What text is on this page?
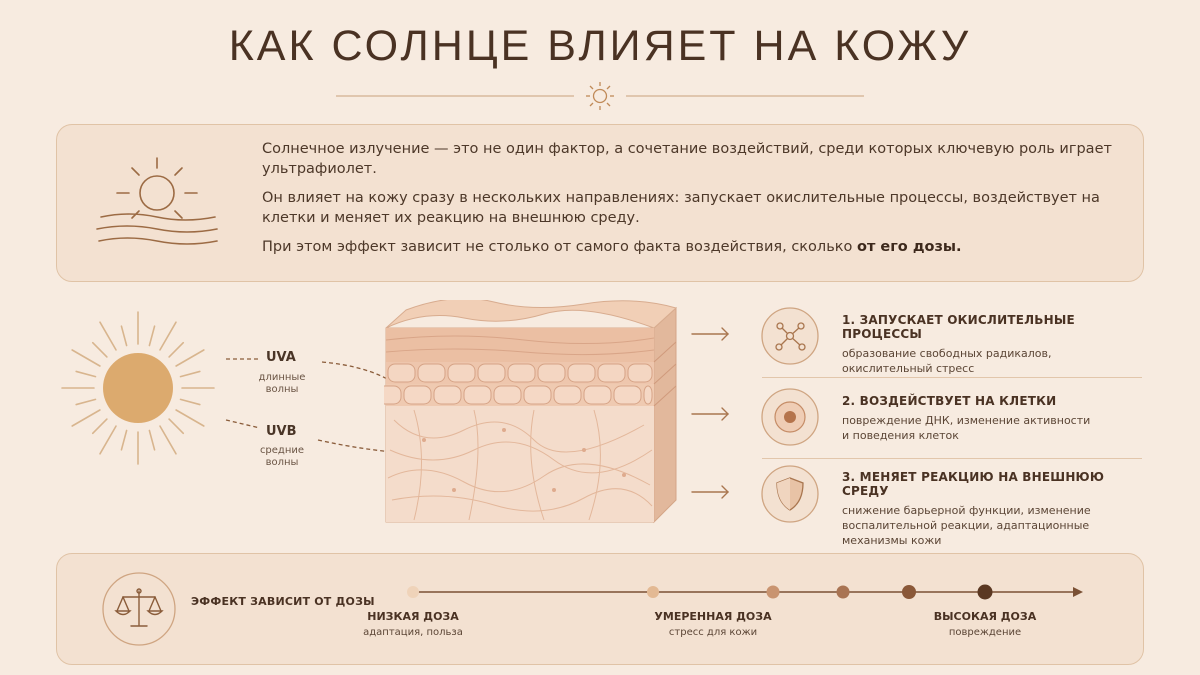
КАК СОЛНЦЕ ВЛИЯЕТ НА КОЖУ

Солнечное излучение — это не один фактор, а сочетание воздействий, среди которых ключевую роль играет ультрафиолет.

Он влияет на кожу сразу в нескольких направлениях: запускает окислительные процессы, воздействует на клетки и меняет их реакцию на внешнюю среду.

При этом эффект зависит не столько от самого факта воздействия, сколько от его дозы.

UVA
длинные
волны
UVB
средние
волны
1. ЗАПУСКАЕТ ОКИСЛИТЕЛЬНЫЕ ПРОЦЕССЫ
образование свободных радикалов,
окислительный стресс
2. ВОЗДЕЙСТВУЕТ НА КЛЕТКИ
повреждение ДНК, изменение активности
и поведения клеток
3. МЕНЯЕТ РЕАКЦИЮ НА ВНЕШНЮЮ СРЕДУ
снижение барьерной функции, изменение
воспалительной реакции, адаптационные
механизмы кожи
ЭФФЕКТ ЗАВИСИТ ОТ ДОЗЫ
НИЗКАЯ ДОЗА
адаптация, польза
УМЕРЕННАЯ ДОЗА
стресс для кожи
ВЫСОКАЯ ДОЗА
повреждение
